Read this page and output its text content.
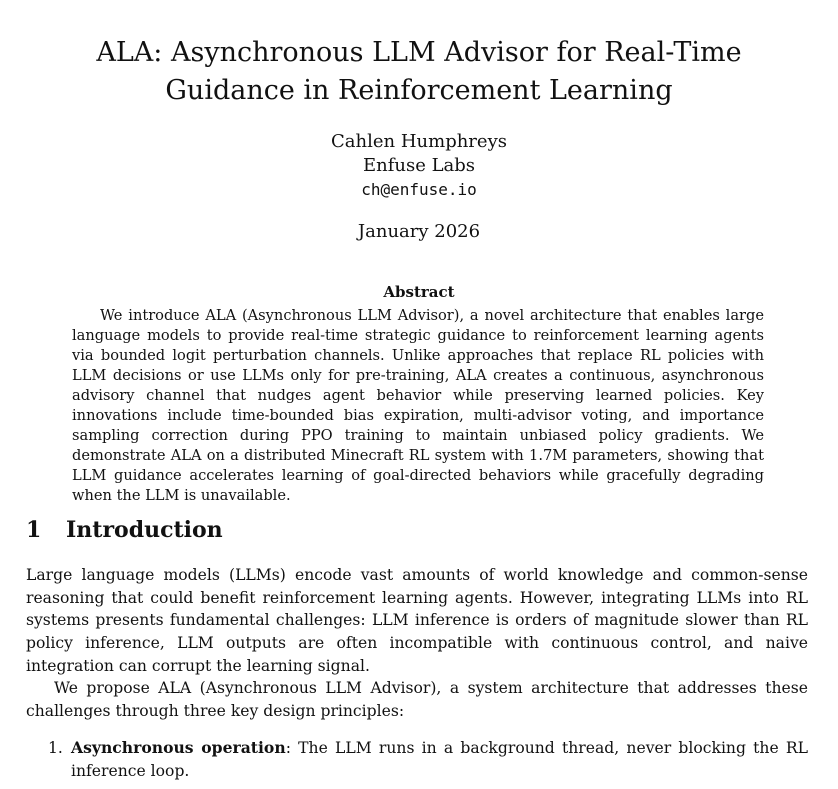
ALA: Asynchronous LLM Advisor for Real-Time Guidance in Reinforcement Learning
Cahlen Humphreys
Enfuse Labs
ch@enfuse.io
January 2026
Abstract
We introduce ALA (Asynchronous LLM Advisor), a novel architecture that enables large language models to provide real-time strategic guidance to reinforcement learning agents via bounded logit perturbation channels. Unlike approaches that replace RL policies with LLM decisions or use LLMs only for pre-training, ALA creates a continuous, asynchronous advisory channel that nudges agent behavior while preserving learned policies. Key innovations include time-bounded bias expiration, multi-advisor voting, and importance sampling correction during PPO training to maintain unbiased policy gradients. We demonstrate ALA on a distributed Minecraft RL system with 1.7M parameters, showing that LLM guidance accelerates learning of goal-directed behaviors while gracefully degrading when the LLM is unavailable.
1 Introduction
Large language models (LLMs) encode vast amounts of world knowledge and common-sense reasoning that could benefit reinforcement learning agents. However, integrating LLMs into RL systems presents fundamental challenges: LLM inference is orders of magnitude slower than RL policy inference, LLM outputs are often incompatible with continuous control, and naive integration can corrupt the learning signal.
We propose ALA (Asynchronous LLM Advisor), a system architecture that addresses these challenges through three key design principles:
1. Asynchronous operation: The LLM runs in a background thread, never blocking the RL inference loop.
